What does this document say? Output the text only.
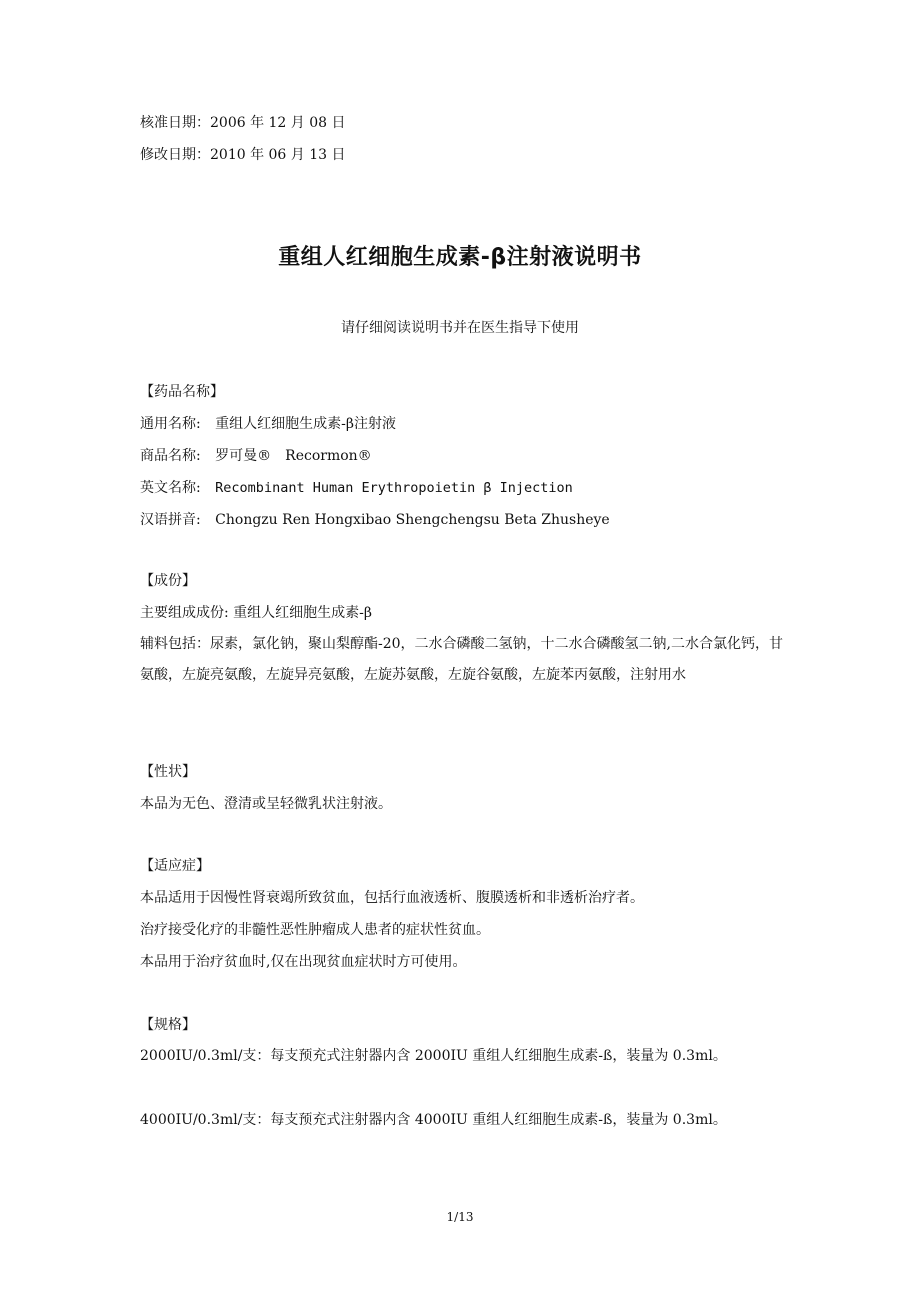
核准日期：2006 年 12 月 08 日
修改日期：2010 年 06 月 13 日
重组人红细胞生成素-β注射液说明书
请仔细阅读说明书并在医生指导下使用
【药品名称】
通用名称: 重组人红细胞生成素-β注射液
商品名称: 罗可曼®　Recormon®
英文名称: Recombinant Human Erythropoietin β Injection
汉语拼音: Chongzu Ren Hongxibao Shengchengsu Beta Zhusheye
【成份】
主要组成成份: 重组人红细胞生成素-β
辅料包括：尿素，氯化钠，聚山梨醇酯-20，二水合磷酸二氢钠，十二水合磷酸氢二钠,二水合氯化钙，甘氨酸，左旋亮氨酸，左旋异亮氨酸，左旋苏氨酸，左旋谷氨酸，左旋苯丙氨酸，注射用水
【性状】
本品为无色、澄清或呈轻微乳状注射液。
【适应症】
本品适用于因慢性肾衰竭所致贫血，包括行血液透析、腹膜透析和非透析治疗者。
治疗接受化疗的非髓性恶性肿瘤成人患者的症状性贫血。
本品用于治疗贫血时,仅在出现贫血症状时方可使用。
【规格】
2000IU/0.3ml/支：每支预充式注射器内含 2000IU 重组人红细胞生成素-ß，装量为 0.3ml。
4000IU/0.3ml/支：每支预充式注射器内含 4000IU 重组人红细胞生成素-ß，装量为 0.3ml。
1/13
